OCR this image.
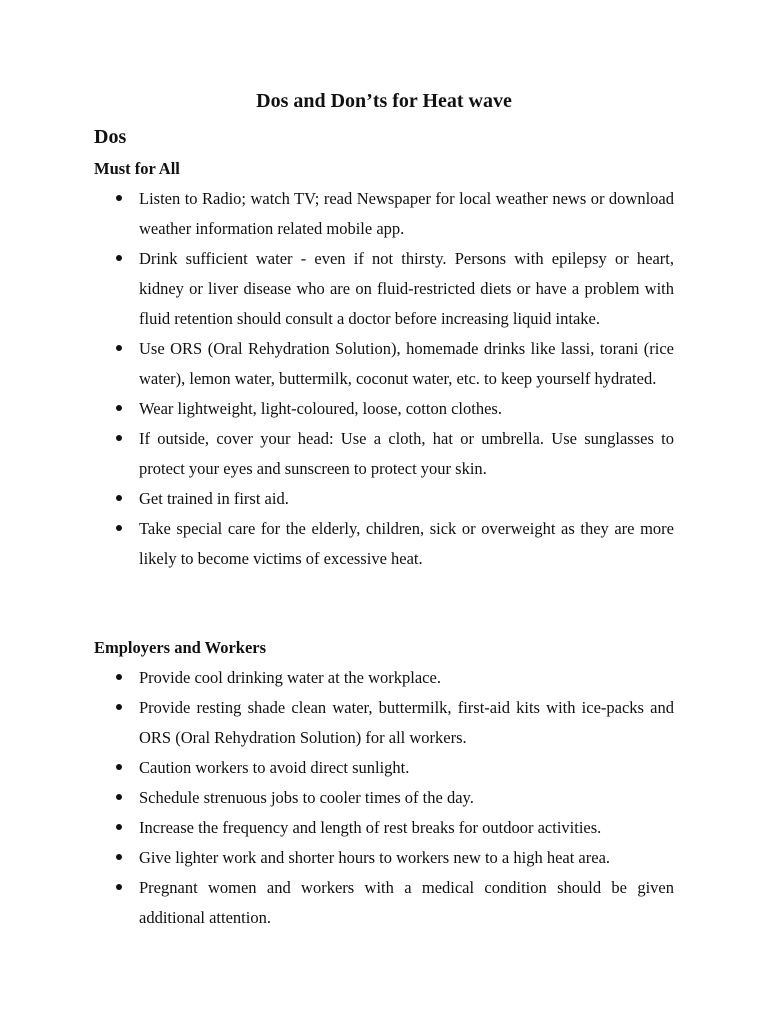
Dos and Don’ts for Heat wave
Dos
Must for All
Listen to Radio; watch TV; read Newspaper for local weather news or download weather information related mobile app.
Drink sufficient water - even if not thirsty. Persons with epilepsy or heart, kidney or liver disease who are on fluid-restricted diets or have a problem with fluid retention should consult a doctor before increasing liquid intake.
Use ORS (Oral Rehydration Solution), homemade drinks like lassi, torani (rice water), lemon water, buttermilk, coconut water, etc. to keep yourself hydrated.
Wear lightweight, light-coloured, loose, cotton clothes.
If outside, cover your head: Use a cloth, hat or umbrella. Use sunglasses to protect your eyes and sunscreen to protect your skin.
Get trained in first aid.
Take special care for the elderly, children, sick or overweight as they are more likely to become victims of excessive heat.
Employers and Workers
Provide cool drinking water at the workplace.
Provide resting shade clean water, buttermilk, first-aid kits with ice-packs and ORS (Oral Rehydration Solution) for all workers.
Caution workers to avoid direct sunlight.
Schedule strenuous jobs to cooler times of the day.
Increase the frequency and length of rest breaks for outdoor activities.
Give lighter work and shorter hours to workers new to a high heat area.
Pregnant women and workers with a medical condition should be given additional attention.
